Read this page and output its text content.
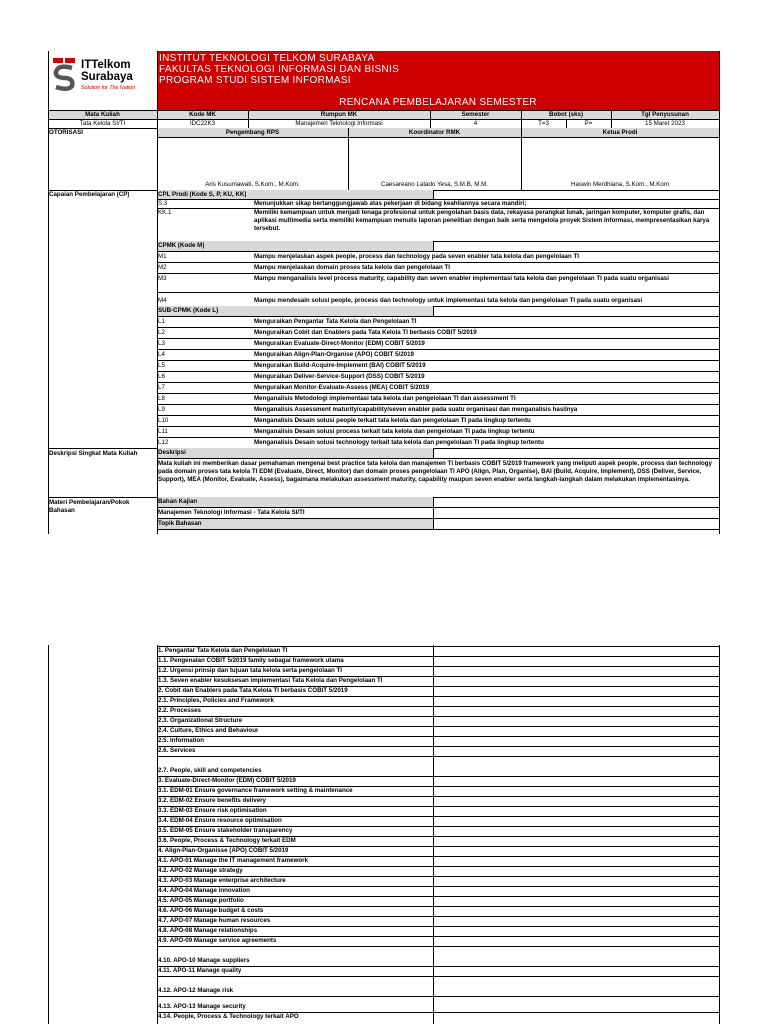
ITTelkom
Surabaya
Solution for The Nation
INSTITUT TEKNOLOGI TELKOM SURABAYA
FAKULTAS TEKNOLOGI INFORMASI DAN BISNIS
PROGRAM STUDI SISTEM INFORMASI
RENCANA PEMBELAJARAN SEMESTER
Mata Kuliah	Kode MK	Rumpun MK	Semester	Bobot (sks)	Tgl Penyusunan
Tata Kelola SI/TI	IDC22K3	Manajemen Teknologi Informasi	4	T=3	P=	15 Maret 2023
OTORISASI	Pengembang RPS	Koordinator RMK	Ketua Prodi
Aris Kusumawati, S.Kom., M.Kom.	Caesareano Latado Yesa, S.M.B, M.M.	Haswin Merdhiana, S.Kom., M.Kom
Capaian Pembelajaran (CP)	CPL Prodi (Kode S, P, KU, KK)
S.3	Menunjukkan sikap bertanggungjawab atas pekerjaan di bidang keahliannya secara mandiri;
KK.1	Memiliki kemampuan untuk menjadi tenaga profesional untuk pengolahan basis data, rekayasa perangkat lunak, jaringan komputer, komputer grafis, dan aplikasi multimedia serta memiliki kemampuan menulis laporan penelitian dengan baik serta mengelola proyek Sistem Informasi, mempresentasikan karya tersebut.
CPMK (Kode M)
M1	Mampu menjelaskan aspek people, process dan technology pada seven enabler tata kelola dan pengelolaan TI
M2	Mampu menjelaskan domain proses tata kelola dan pengelolaan TI
M3	Mampu menganalisis level process maturity, capability dan seven enabler implementasi tata kelola dan pengelolaan TI pada suatu organisasi
M4	Mampu mendesain solusi people, process dan technology untuk implementasi tata kelola dan pengelolaan TI pada suatu organisasi
SUB-CPMK (Kode L)
L1	Menguraikan Pengantar Tata Kelola dan Pengelolaan TI
L2	Menguraikan Cobit dan Enablers pada Tata Kelola TI berbasis COBIT 5/2019
L3	Menguraikan Evaluate-Direct-Monitor (EDM) COBIT 5/2019
L4	Menguraikan Align-Plan-Organise (APO) COBIT 5/2019
L5	Menguraikan Build-Acquire-Implement (BAI) COBIT 5/2019
L6	Menguraikan Deliver-Service-Support (DSS) COBIT 5/2019
L7	Menguraikan Monitor-Evaluate-Assess (MEA) COBIT 5/2019
L8	Menganalisis Metodologi implementasi tata kelola dan pengelolaan TI dan assessment TI
L9	Menganalisis Assessment maturity/capability/seven enabler pada suatu organisasi dan menganalisis hasilnya
L10	Menganalisis Desain solusi people terkait tata kelola dan pengelolaan TI pada lingkup tertentu
L11	Menganalisis Desain solusi process terkait tata kelola dan pengelolaan TI pada lingkup tertentu
L12	Menganalisis Desain solusi technology terkait tata kelola dan pengelolaan TI pada lingkup tertentu
Deskripsi Singkat Mata Kuliah	Deskripsi
Mata kuliah ini memberikan dasar pemahaman mengenai best practice tata kelola dan manajemen TI berbasis COBIT 5/2019 framework yang meliputi aspek people, process dan technology pada domain proses tata kelola TI EDM (Evaluate, Direct, Monitor) dan domain proses pengelolaan TI APO (Align, Plan, Organise), BAI (Build, Acquire, Implement), DSS (Deliver, Service, Support), MEA (Monitor, Evaluate, Assess), bagaimana melakukan assessment maturity, capability maupun seven enabler serta langkah-langkah dalam melakukan implementasinya.
Materi Pembelajaran/Pokok Bahasan
Bahan Kajian
Manajemen Teknologi Informasi - Tata Kelola SI/TI
Topik Bahasan
1. Pengantar Tata Kelola dan Pengelolaan TI
1.1. Pengenalan COBIT 5/2019 family sebagai framework utama
1.2. Urgensi prinsip dan tujuan tata kelola serta pengelolaan TI
1.3. Seven enabler kesuksesan implementasi Tata Kelola dan Pengelolaan TI
2. Cobit dan Enablers pada Tata Kelola TI berbasis COBIT 5/2019
2.1. Principles, Policies and Framework
2.2. Processes
2.3. Organizational Structure
2.4. Culture, Ethics and Behaviour
2.5. Information
2.6. Services
2.7. People, skill and competencies
3. Evaluate-Direct-Monitor (EDM) COBIT 5/2019
3.1. EDM-01 Ensure governance framework setting & maintenance
3.2. EDM-02 Ensure benefits delivery
3.3. EDM-03 Ensure risk optimisation
3.4. EDM-04 Ensure resource optimisation
3.5. EDM-05 Ensure stakeholder transparency
3.6. People, Process & Technology terkait EDM
4. Align-Plan-Organisse (APO) COBIT 5/2019
4.1. APO-01 Manage the IT management framework
4.2. APO-02 Manage strategy
4.3. APO-03 Manage enterprise architecture
4.4. APO-04 Manage innovation
4.5. APO-05 Manage portfolio
4.6. APO-06 Manage budget & costs
4.7. APO-07 Manage human resources
4.8. APO-08 Manage relationships
4.9. APO-09 Manage service agreements
4.10. APO-10 Manage suppliers
4.11. APO-11 Manage quality
4.12. APO-12 Manage risk
4.13. APO-13 Manage security
4.14. People, Process & Technology terkait APO
